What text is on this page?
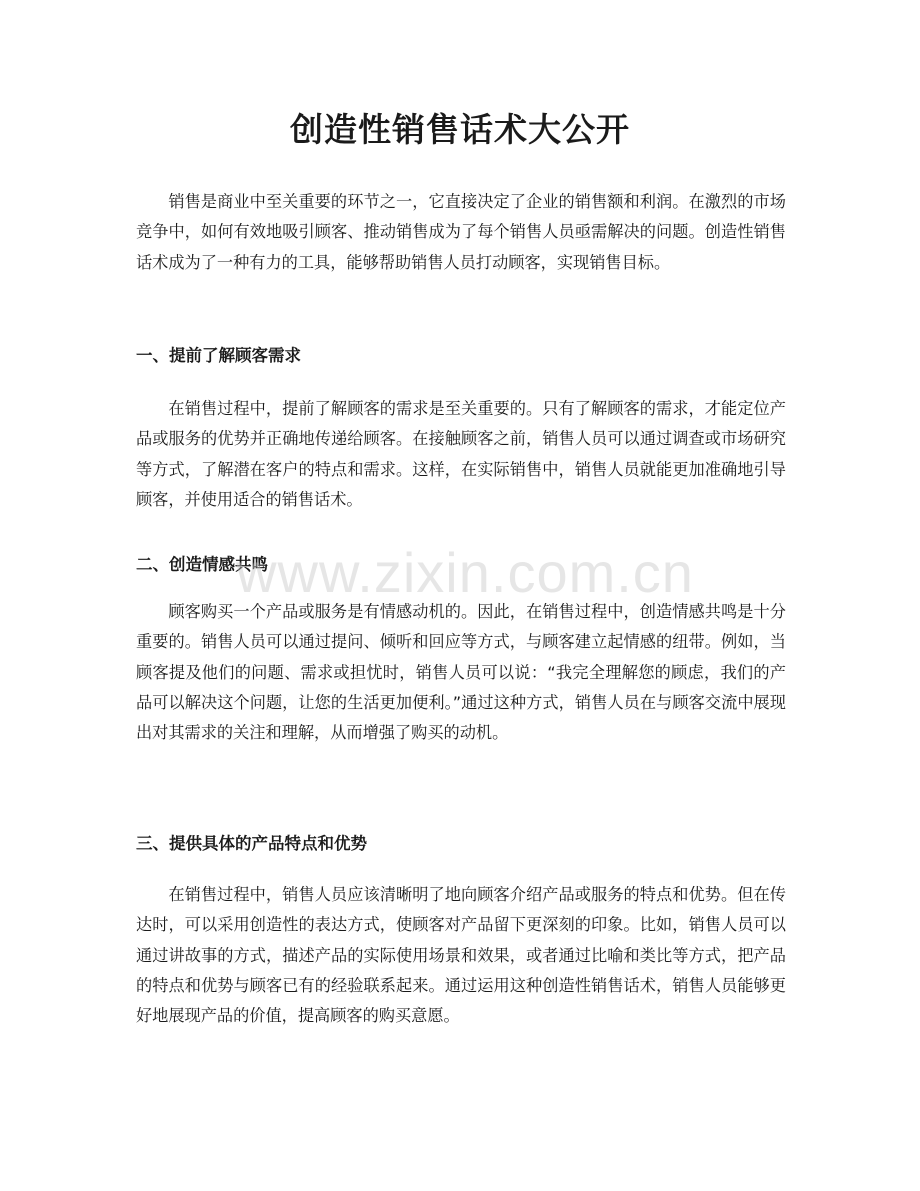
创造性销售话术大公开

销售是商业中至关重要的环节之一，它直接决定了企业的销售额和利润。在激烈的市场竞争中，如何有效地吸引顾客、推动销售成为了每个销售人员亟需解决的问题。创造性销售话术成为了一种有力的工具，能够帮助销售人员打动顾客，实现销售目标。

一、提前了解顾客需求

在销售过程中，提前了解顾客的需求是至关重要的。只有了解顾客的需求，才能定位产品或服务的优势并正确地传递给顾客。在接触顾客之前，销售人员可以通过调查或市场研究等方式，了解潜在客户的特点和需求。这样，在实际销售中，销售人员就能更加准确地引导顾客，并使用适合的销售话术。

二、创造情感共鸣

顾客购买一个产品或服务是有情感动机的。因此，在销售过程中，创造情感共鸣是十分重要的。销售人员可以通过提问、倾听和回应等方式，与顾客建立起情感的纽带。例如，当顾客提及他们的问题、需求或担忧时，销售人员可以说：“我完全理解您的顾虑，我们的产品可以解决这个问题，让您的生活更加便利。”通过这种方式，销售人员在与顾客交流中展现出对其需求的关注和理解，从而增强了购买的动机。

三、提供具体的产品特点和优势

在销售过程中，销售人员应该清晰明了地向顾客介绍产品或服务的特点和优势。但在传达时，可以采用创造性的表达方式，使顾客对产品留下更深刻的印象。比如，销售人员可以通过讲故事的方式，描述产品的实际使用场景和效果，或者通过比喻和类比等方式，把产品的特点和优势与顾客已有的经验联系起来。通过运用这种创造性销售话术，销售人员能够更好地展现产品的价值，提高顾客的购买意愿。

www.zixin.com.cn
